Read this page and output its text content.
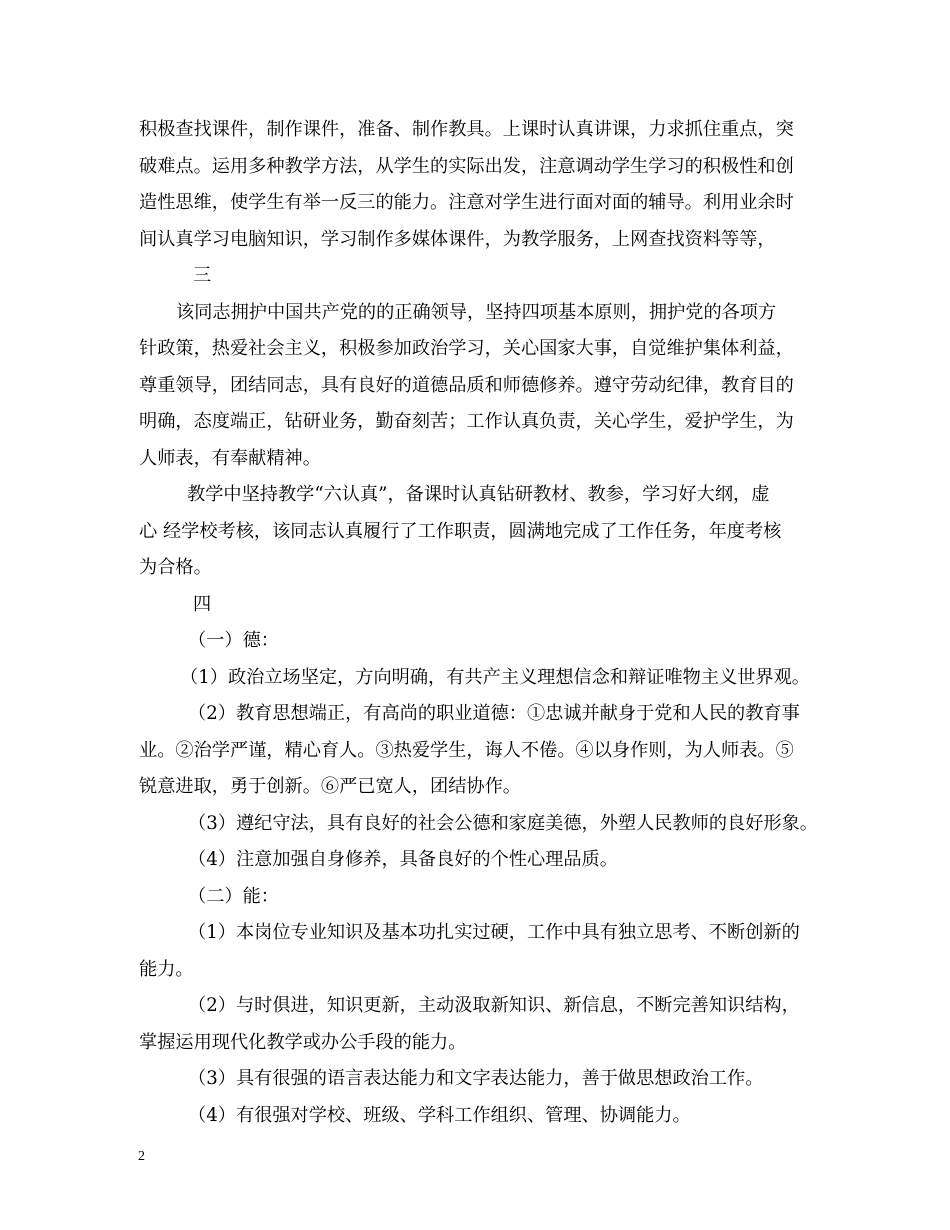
积极查找课件，制作课件，准备、制作教具。上课时认真讲课，力求抓住重点，突
破难点。运用多种教学方法，从学生的实际出发，注意调动学生学习的积极性和创
造性思维，使学生有举一反三的能力。注意对学生进行面对面的辅导。利用业余时
间认真学习电脑知识，学习制作多媒体课件，为教学服务，上网查找资料等等，
三
该同志拥护中国共产党的的正确领导，坚持四项基本原则，拥护党的各项方
针政策，热爱社会主义，积极参加政治学习，关心国家大事，自觉维护集体利益，
尊重领导，团结同志，具有良好的道德品质和师德修养。遵守劳动纪律，教育目的
明确，态度端正，钻研业务，勤奋刻苦；工作认真负责，关心学生，爱护学生，为
人师表，有奉献精神。
教学中坚持教学“六认真”，备课时认真钻研教材、教参，学习好大纲，虚
心 经学校考核，该同志认真履行了工作职责，圆满地完成了工作任务，年度考核
为合格。
四
（一）德：
（1）政治立场坚定，方向明确，有共产主义理想信念和辩证唯物主义世界观。
（2）教育思想端正，有高尚的职业道德：①忠诚并献身于党和人民的教育事
业。②治学严谨，精心育人。③热爱学生，诲人不倦。④以身作则，为人师表。⑤
锐意进取，勇于创新。⑥严已宽人，团结协作。
（3）遵纪守法，具有良好的社会公德和家庭美德，外塑人民教师的良好形象。
（4）注意加强自身修养，具备良好的个性心理品质。
（二）能：
（1）本岗位专业知识及基本功扎实过硬，工作中具有独立思考、不断创新的
能力。
（2）与时俱进，知识更新，主动汲取新知识、新信息，不断完善知识结构，
掌握运用现代化教学或办公手段的能力。
（3）具有很强的语言表达能力和文字表达能力，善于做思想政治工作。
（4）有很强对学校、班级、学科工作组织、管理、协调能力。
2
